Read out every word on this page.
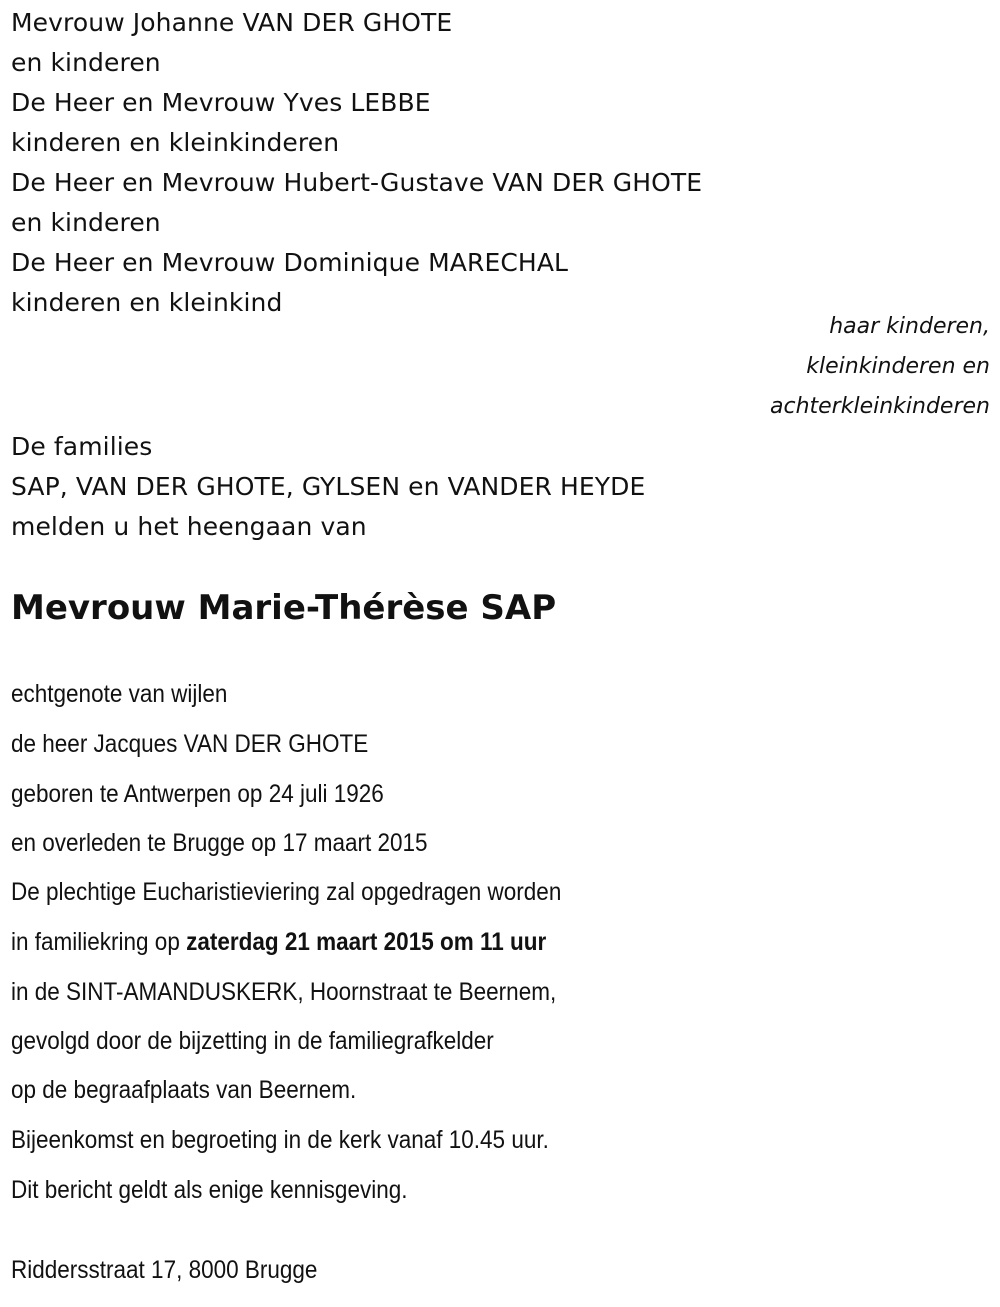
Mevrouw Johanne VAN DER GHOTE
en kinderen
De Heer en Mevrouw Yves LEBBE
kinderen en kleinkinderen
De Heer en Mevrouw Hubert-Gustave VAN DER GHOTE
en kinderen
De Heer en Mevrouw Dominique MARECHAL
kinderen en kleinkind
haar kinderen,
kleinkinderen en
achterkleinkinderen
De families
SAP, VAN DER GHOTE, GYLSEN en VANDER HEYDE
melden u het heengaan van
Mevrouw Marie-Thérèse SAP
echtgenote van wijlen
de heer Jacques VAN DER GHOTE
geboren te Antwerpen op 24 juli 1926
en overleden te Brugge op 17 maart 2015
De plechtige Eucharistieviering zal opgedragen worden
in familiekring op zaterdag 21 maart 2015 om 11 uur
in de SINT-AMANDUSKERK, Hoornstraat te Beernem,
gevolgd door de bijzetting in de familiegrafkelder
op de begraafplaats van Beernem.
Bijeenkomst en begroeting in de kerk vanaf 10.45 uur.
Dit bericht geldt als enige kennisgeving.
Riddersstraat 17, 8000 Brugge
